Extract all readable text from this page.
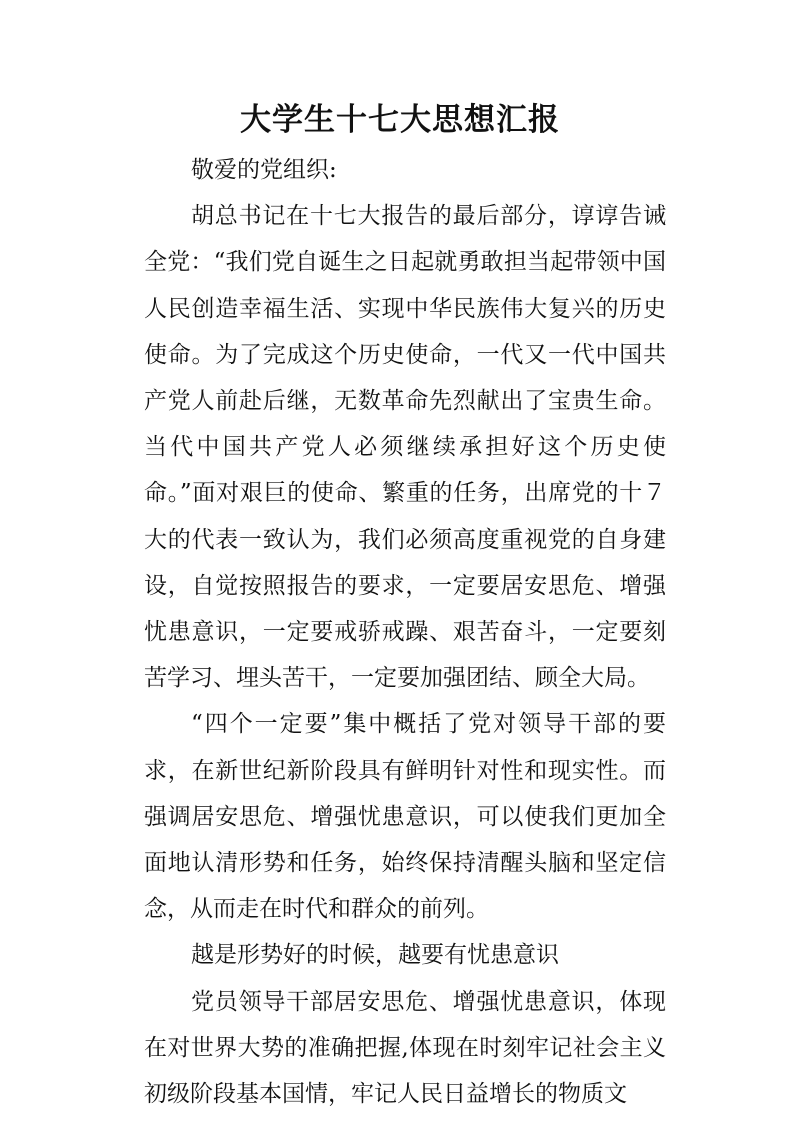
大学生十七大思想汇报

敬爱的党组织:

胡总书记在十七大报告的最后部分，谆谆告诫全党：“我们党自诞生之日起就勇敢担当起带领中国人民创造幸福生活、实现中华民族伟大复兴的历史使命。为了完成这个历史使命，一代又一代中国共产党人前赴后继，无数革命先烈献出了宝贵生命。当代中国共产党人必须继续承担好这个历史使命。”面对艰巨的使命、繁重的任务，出席党的十７大的代表一致认为，我们必须高度重视党的自身建设，自觉按照报告的要求，一定要居安思危、增强忧患意识，一定要戒骄戒躁、艰苦奋斗，一定要刻苦学习、埋头苦干，一定要加强团结、顾全大局。

“四个一定要”集中概括了党对领导干部的要求，在新世纪新阶段具有鲜明针对性和现实性。而强调居安思危、增强忧患意识，可以使我们更加全面地认清形势和任务，始终保持清醒头脑和坚定信念，从而走在时代和群众的前列。

越是形势好的时候，越要有忧患意识

党员领导干部居安思危、增强忧患意识，体现在对世界大势的准确把握,体现在时刻牢记社会主义初级阶段基本国情，牢记人民日益增长的物质文
